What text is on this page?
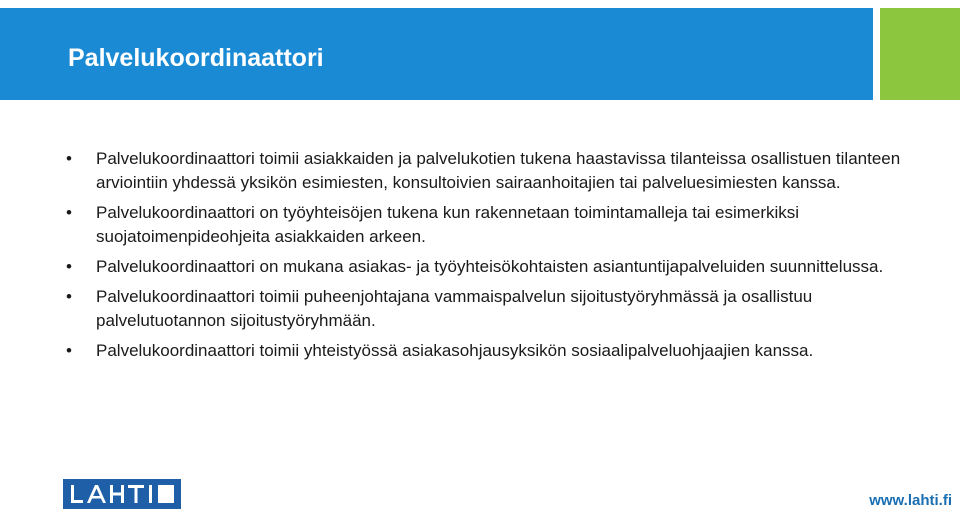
Palvelukoordinaattori
• Palvelukoordinaattori toimii asiakkaiden ja palvelukotien tukena haastavissa tilanteissa osallistuen tilanteen arviointiin yhdessä yksikön esimiesten, konsultoivien sairaanhoitajien tai palveluesimiesten kanssa.
• Palvelukoordinaattori on työyhteisöjen tukena kun rakennetaan toimintamalleja tai esimerkiksi suojatoimenpideohjeita asiakkaiden arkeen.
• Palvelukoordinaattori on mukana asiakas- ja työyhteisökohtaisten asiantuntijapalveluiden suunnittelussa.
• Palvelukoordinaattori toimii puheenjohtajana vammaispalvelun sijoitustyöryhmässä ja osallistuu palvelutuotannon sijoitustyöryhmään.
• Palvelukoordinaattori toimii yhteistyössä asiakasohjausyksikön sosiaalipalveluohjaajien kanssa.
www.lahti.fi
